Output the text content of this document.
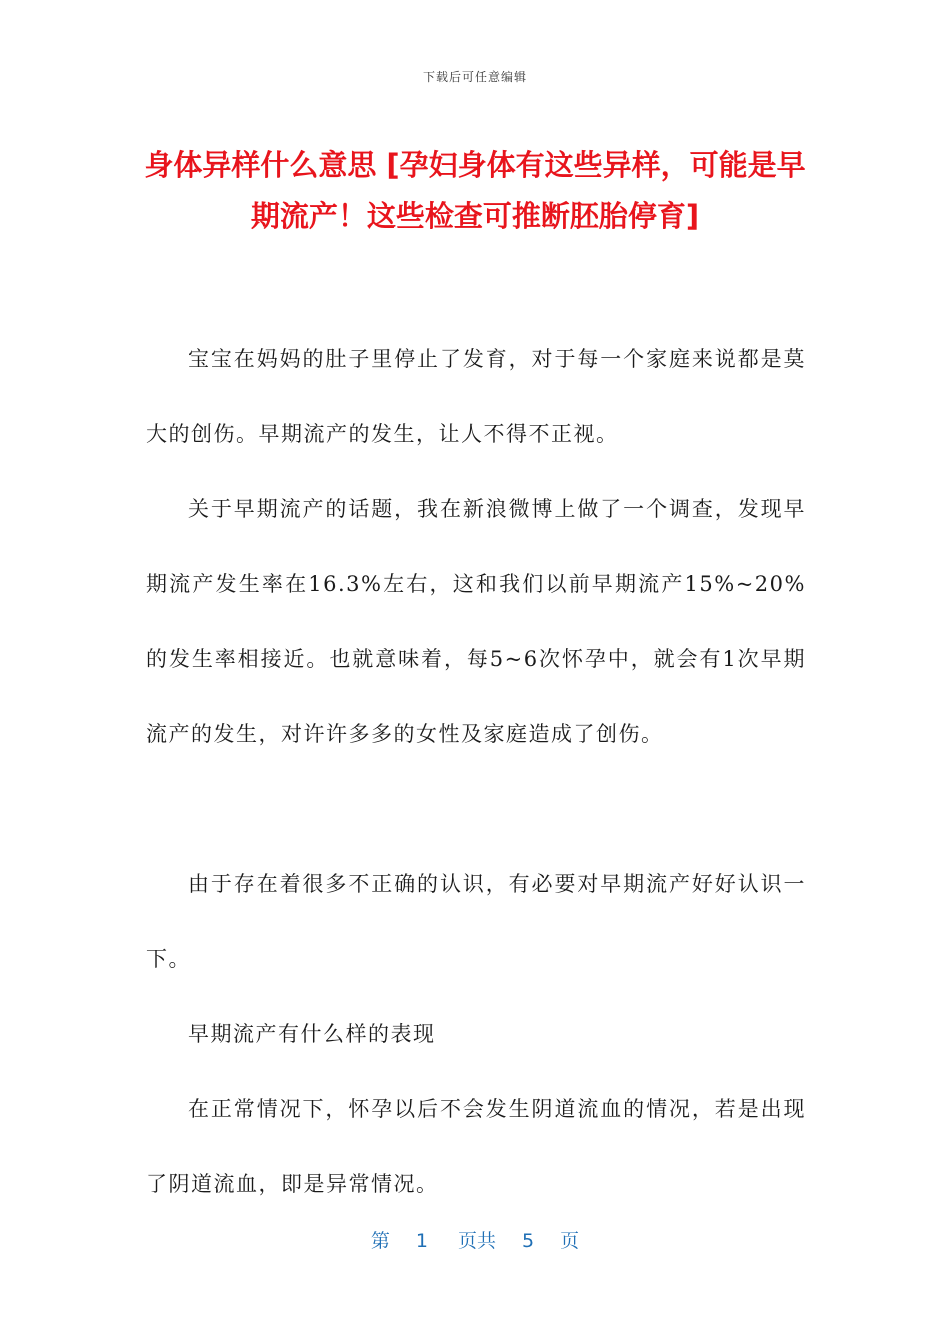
下载后可任意编辑
身体异样什么意思 [孕妇身体有这些异样，可能是早期流产！这些检查可推断胚胎停育]

宝宝在妈妈的肚子里停止了发育，对于每一个家庭来说都是莫大的创伤。早期流产的发生，让人不得不正视。

关于早期流产的话题，我在新浪微博上做了一个调查，发现早期流产发生率在16.3%左右，这和我们以前早期流产15%~20%的发生率相接近。也就意味着，每5~6次怀孕中，就会有1次早期流产的发生，对许许多多的女性及家庭造成了创伤。

由于存在着很多不正确的认识，有必要对早期流产好好认识一下。

早期流产有什么样的表现

在正常情况下，怀孕以后不会发生阴道流血的情况，若是出现了阴道流血，即是异常情况。

第 1 页共 5 页
